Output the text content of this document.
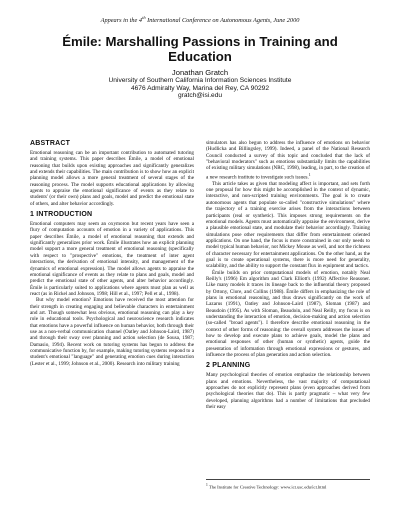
Appears in the 4th International Conference on Autonomous Agents, June 2000
Émile: Marshalling Passions in Training and Education
Jonathan Gratch
University of Southern California Information Sciences Institute
4676 Admiralty Way, Marina del Rey, CA 90292
gratch@isi.edu
ABSTRACT

Emotional reasoning can be an important contribution to automated tutoring and training systems. This paper describes Émile, a model of emotional reasoning that builds upon existing approaches and significantly generalizes and extends their capabilities. The main contribution is to show how an explicit planning model allows a more general treatment of several stages of the reasoning process. The model supports educational applications by allowing agents to appraise the emotional significance of events as they relate to students' (or their own) plans and goals, model and predict the emotional state of others, and alter behavior accordingly.

1 INTRODUCTION

Emotional computers may seem an oxymoron but recent years have seen a flury of computation accounts of emotion in a variety of applications. This paper describes Émile, a model of emotional reasoning that extends and significantly generalizes prior work. Émile illustrates how an explicit planning model support a more general treatment of emotional reasoning (specifically with respect to "prospective" emotions, the treatment of inter agent interactions, the derivation of emotional intensity, and management of the dynamics of emotional expression). The model allows agents to appraise the emotional significance of events as they relate to plans and goals, model and predict the emotional state of other agents, and alter behavior accordingly. Émile is particularly suited to applications where agents must plan as well as react (as in Rickel and Johnson, 1998; Hill et al., 1997; Pell et al., 1998).

But why model emotion? Emotions have received the most attention for their strength in creating engaging and believable characters in entertainment and art. Though somewhat less obvious, emotional reasoning can play a key role in educational tools. Psychological and neuroscience research indicates that emotions have a powerful influence on human behavior, both through their use as a non-verbal communication channel (Oatley and Johnson-Laird, 1987) and through their sway over planning and action selection (de Sousa, 1987; Damasio, 1994). Recent work on tutoring systems has begun to address the communicative function by, for example, making tutoring systems respond to a student's emotional "language" and generating emotion cues during interaction (Lester et al., 1999; Johnson et al., 2000). Research into military training

simulators has also begun to address the influence of emotions on behavior (Hudlicka and Billingsley, 1999). Indeed, a panel of the National Research Council conducted a survey of this topic and concluded that the lack of "behavioral moderators" such as emotions substantially limits the capabilities of existing military simulations (NRC, 1998), leading, in part, to the creation of a new research institute to investigate such issues.$^1$

This article takes as given that modeling affect is important, and sets forth one proposal for how this might be accomplished in the context of dynamic, interactive, and non-scripted training environments. The goal is to create autonomous agents that populate so-called "constructive simulations" where the trajectory of a training exercise arises from the interactions between participants (real or synthetic). This imposes strong requirements on the emotional models. Agents must automatically appraise the environment, derive a plausible emotional state, and modulate their behavior accordingly. Training simulations pose other requirements that differ from entertainment oriented applications. On one hand, the focus is more constrained in our only needs to model typical human behavior, not Mickey Mouse as well, and not the richness of character necessary for entertainment applications. On the other hand, as the goal is to create operational systems, there is more need for generality, scalability, and the ability to support the constant flux in equipment and tactics.

Émile builds on prior computational models of emotion, notably Neal Reilly's (1996) Em algorithm and Clark Elliott's (1992) Affective Reasoner. Like many models it traces its lineage back to the influential theory proposed by Ortony, Clore, and Collins (1988). Émile differs in emphasizing the role of plans in emotional reasoning, and thus draws significantly on the work of Lazarus (1991), Oatley and Johnson-Laird (1987), Sloman (1987) and Beaudoin (1995). As with Sloman, Beaudoin, and Neal Reilly, my focus is on understanding the interaction of emotion, decision-making and action selection (so-called "broad agents"). I therefore describe emotional reasoning in the context of other forms of reasoning: the overall system addresses the issues of how to develop and execute plans to achieve goals, model the plans and emotional responses of other (human or synthetic) agents, guide the presentation of information through emotional expressions or gestures, and influence the process of plan generation and action selection.

2 PLANNING

Many psychological theories of emotion emphasize the relationship between plans and emotions. Nevertheless, the vast majority of computational approaches do not explicitly represent plans (even approaches derived from psychological theories that do). This is partly pragmatic – what very few developed, planning algorithms had a number of limitations that precluded their easy

$^1$ The Institute for Creative Technology: www.ict.usc.edu/ict.html
